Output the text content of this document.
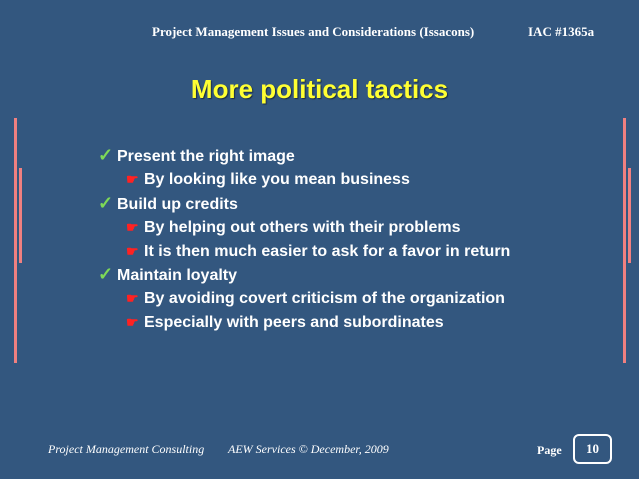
Project Management Issues and Considerations (Issacons)	IAC #1365a
More political tactics
✓ Present the right image
☛ By looking like you mean business
✓ Build up credits
☛ By helping out others with their problems
☛ It is then much easier to ask for a favor in return
✓ Maintain loyalty
☛ By avoiding covert criticism of the organization
☛ Especially with peers and subordinates
Project Management Consulting AEW Services © December, 2009	Page	10
